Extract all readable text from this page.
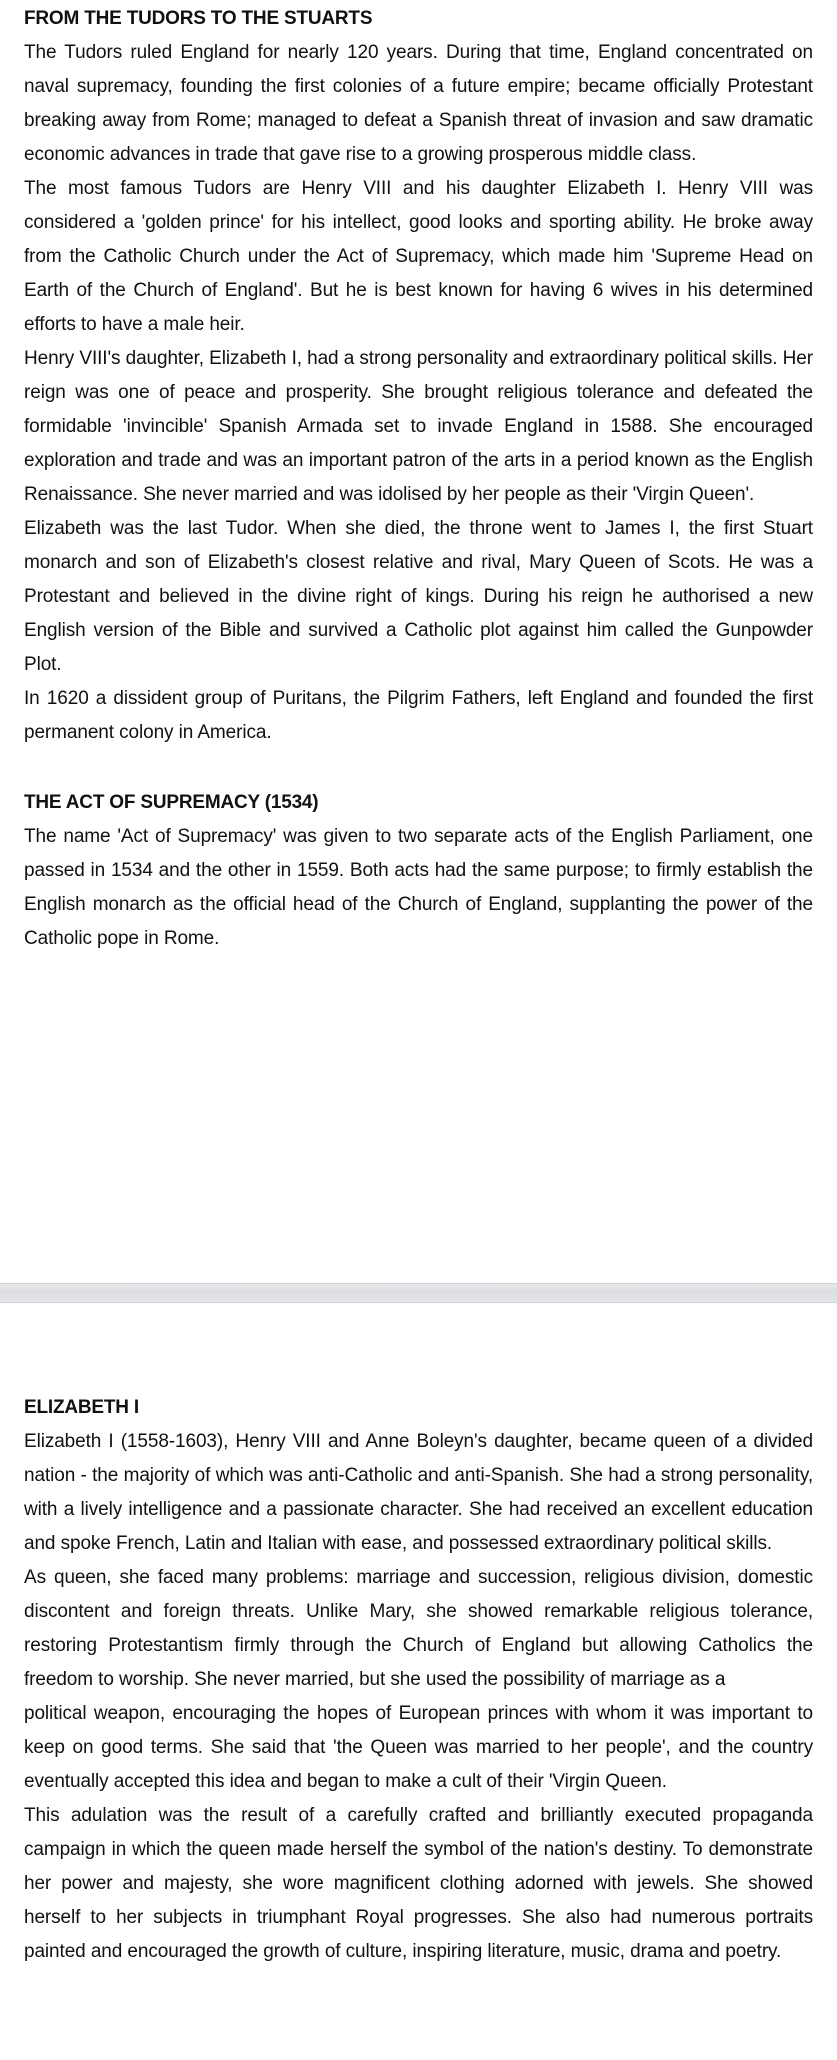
FROM THE TUDORS TO THE STUARTS

The Tudors ruled England for nearly 120 years. During that time, England concentrated on naval supremacy, founding the first colonies of a future empire; became officially Protestant breaking away from Rome; managed to defeat a Spanish threat of invasion and saw dramatic economic advances in trade that gave rise to a growing prosperous middle class.

The most famous Tudors are Henry VIII and his daughter Elizabeth I. Henry VIII was considered a 'golden prince' for his intellect, good looks and sporting ability. He broke away from the Catholic Church under the Act of Supremacy, which made him 'Supreme Head on Earth of the Church of England'. But he is best known for having 6 wives in his determined efforts to have a male heir.

Henry VIII's daughter, Elizabeth I, had a strong personality and extraordinary political skills. Her reign was one of peace and prosperity. She brought religious tolerance and defeated the formidable 'invincible' Spanish Armada set to invade England in 1588. She encouraged exploration and trade and was an important patron of the arts in a period known as the English Renaissance. She never married and was idolised by her people as their 'Virgin Queen'.

Elizabeth was the last Tudor. When she died, the throne went to James I, the first Stuart monarch and son of Elizabeth's closest relative and rival, Mary Queen of Scots. He was a Protestant and believed in the divine right of kings. During his reign he authorised a new English version of the Bible and survived a Catholic plot against him called the Gunpowder Plot.

In 1620 a dissident group of Puritans, the Pilgrim Fathers, left England and founded the first permanent colony in America.

THE ACT OF SUPREMACY (1534)

The name 'Act of Supremacy' was given to two separate acts of the English Parliament, one passed in 1534 and the other in 1559. Both acts had the same purpose; to firmly establish the English monarch as the official head of the Church of England, supplanting the power of the Catholic pope in Rome.

ELIZABETH I

Elizabeth I (1558-1603), Henry VIII and Anne Boleyn's daughter, became queen of a divided nation - the majority of which was anti-Catholic and anti-Spanish. She had a strong personality, with a lively intelligence and a passionate character. She had received an excellent education and spoke French, Latin and Italian with ease, and possessed extraordinary political skills.

As queen, she faced many problems: marriage and succession, religious division, domestic discontent and foreign threats. Unlike Mary, she showed remarkable religious tolerance, restoring Protestantism firmly through the Church of England but allowing Catholics the freedom to worship. She never married, but she used the possibility of marriage as a

political weapon, encouraging the hopes of European princes with whom it was important to keep on good terms. She said that 'the Queen was married to her people', and the country eventually accepted this idea and began to make a cult of their 'Virgin Queen.

This adulation was the result of a carefully crafted and brilliantly executed propaganda campaign in which the queen made herself the symbol of the nation's destiny. To demonstrate her power and majesty, she wore magnificent clothing adorned with jewels. She showed herself to her subjects in triumphant Royal progresses. She also had numerous portraits painted and encouraged the growth of culture, inspiring literature, music, drama and poetry.
